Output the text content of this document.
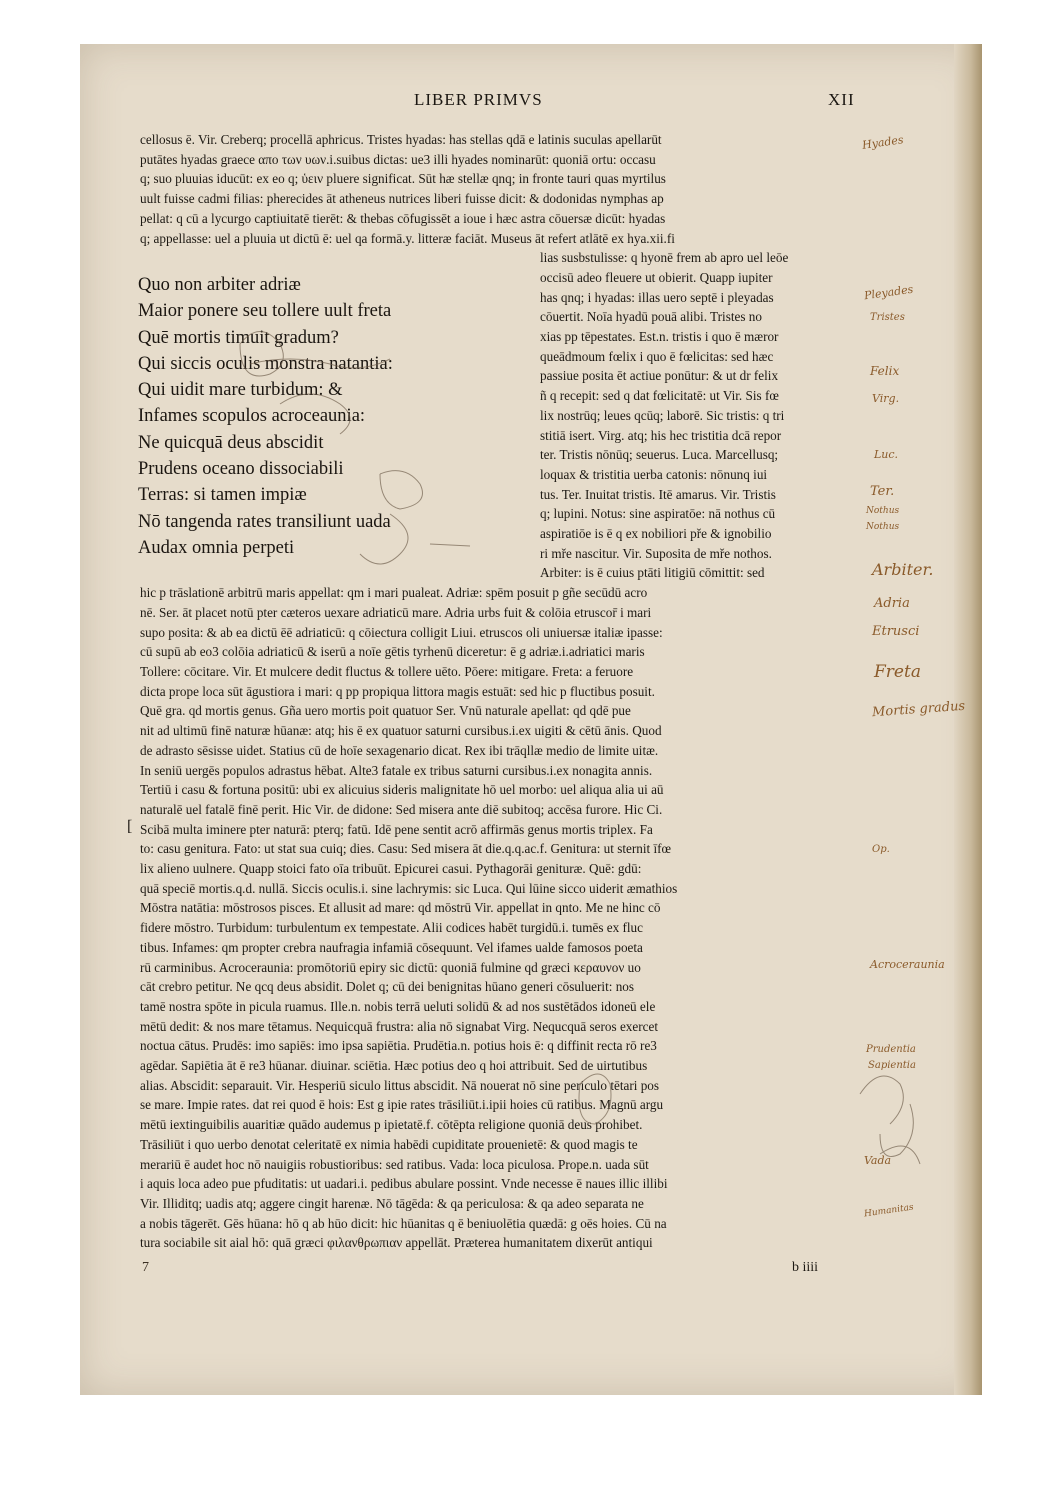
LIBER PRIMVS	XII
cellosus ē. Vir. Creberq; procellā aphricus. Tristes hyadas: has stellas qdā e latinis suculas apellarūt
putātes hyadas graece απο των υων.i.suibus dictas: ue3 illi hyades nominarūt: quoniā ortu: occasu
q; suo pluuias iducūt: ex eo q; ὑειν pluere significat. Sūt hæ stellæ qnq; in fronte tauri quas myrtilus
uult fuisse cadmi filias: pherecides āt atheneus nutrices liberi fuisse dicit: & dodonidas nymphas ap
pellat: q cū a lycurgo captiuitatē tierēt: & thebas cōfugissēt a ioue i hæc astra cōuersæ dicūt: hyadas
q; appellasse: uel a pluuia ut dictū ē: uel qa formā.y. litteræ faciāt. Museus āt refert atlātē ex hya.xii.fi
lias susbstulisse: q hyonē frem ab apro uel leōe
occisū adeo fleuere ut obierit. Quapp iupiter
has qnq; i hyadas: illas uero septē i pleyadas
cōuertit. Noīa hyadū pouā alibi. Tristes no
xias pp tēpestates. Est.n. tristis i quo ē mæror
queādmoum fœlix i quo ē fœlicitas: sed hæc
passiue posita ēt actiue ponūtur: & ut dr felix
ñ q recepit: sed q dat fœlicitatē: ut Vir. Sis fœ
lix nostrūq; leues qcūq; laborē. Sic tristis: q tri
stitiā isert. Virg. atq; his hec tristitia dcā repor
ter. Tristis nōnūq; seuerus. Luca. Marcellusq;
loquax & tristitia uerba catonis: nōnunq iui
tus. Ter. Inuitat tristis. Itē amarus. Vir. Tristis
q; lupini. Notus: sine aspiratōe: nā nothus cū
aspiratiōe is ē q ex nobiliori pře & ignobilio
ri mře nascitur. Vir. Suposita de mře nothos.
Arbiter: is ē cuius ptāti litigiū cōmittit: sed
hic p trāslationē arbitrū maris appellat: qm i mari pualeat. Adriæ: spēm posuit p gñe secūdū acro
nē. Ser. āt placet notū pter cæteros uexare adriaticū mare. Adria urbs fuit & colōia etruscor̄ i mari
supo posita: & ab ea dictū ēē adriaticū: q cōiectura colligit Liui. etruscos oli uniuersæ italiæ ipasse:
cū supū ab eo3 colōia adriaticū & iserū a noīe gētis tyrhenū diceretur: ē g adriæ.i.adriatici maris
Tollere: cōcitare. Vir. Et mulcere dedit fluctus & tollere uēto. Pōere: mitigare. Freta: a feruore
dicta prope loca sūt āgustiora i mari: q pp propiqua littora magis estuāt: sed hic p fluctibus posuit.
Quē gra. qd mortis genus. Gña uero mortis poit quatuor Ser. Vnū naturale apellat: qd qdē pue
nit ad ultimū finē naturæ hūanæ: atq; his ē ex quatuor saturni cursibus.i.ex uigiti & cētū ānis. Quod
de adrasto sēsisse uidet. Statius cū de hoīe sexagenario dicat. Rex ibi trāqllæ medio de limite uitæ.
In seniū uergēs populos adrastus hēbat. Alte3 fatale ex tribus saturni cursibus.i.ex nonagita annis.
Tertiū i casu & fortuna positū: ubi ex alicuius sideris malignitate hō uel morbo: uel aliqua alia ui aū
naturalē uel fatalē finē perit. Hic Vir. de didone: Sed misera ante diē subitoq; accēsa furore. Hic Ci.
Scibā multa iminere pter naturā: pterq; fatū. Idē pene sentit acrō affirmās genus mortis triplex. Fa
to: casu genitura. Fato: ut stat sua cuiq; dies. Casu: Sed misera āt die.q.q.ac.f. Genitura: ut sternit īfœ
lix alieno uulnere. Quapp stoici fato oīa tribuūt. Epicurei casui. Pythagorāi genituræ. Quē: gdū:
quā speciē mortis.q.d. nullā. Siccis oculis.i. sine lachrymis: sic Luca. Qui lūine sicco uiderit æmathios
Mōstra natātia: mōstrosos pisces. Et allusit ad mare: qd mōstrū Vir. appellat in qnto. Me ne hinc cō
fidere mōstro. Turbidum: turbulentum ex tempestate. Alii codices habēt turgidū.i. tumēs ex fluc
tibus. Infames: qm propter crebra naufragia infamiā cōsequunt. Vel ifames ualde famosos poeta
rū carminibus. Acroceraunia: promōtoriū epiry sic dictū: quoniā fulmine qd græci κεραυνον uo
cāt crebro petitur. Ne qcq deus absidit. Dolet q; cū dei benignitas hūano generi cōsuluerit: nos
tamē nostra spōte in picula ruamus. Ille.n. nobis terrā ueluti solidū & ad nos sustētādos idoneū ele
mētū dedit: & nos mare tētamus. Nequicquā frustra: alia nō signabat Virg. Nequcquā seros exercet
noctua cātus. Prudēs: imo sapiēs: imo ipsa sapiētia. Prudētia.n. potius hois ē: q diffinit recta rō re3
agēdar. Sapiētia āt ē re3 hūanar. diuinar. sciētia. Hæc potius deo q hoi attribuit. Sed de uirtutibus
alias. Abscidit: separauit. Vir. Hesperiū siculo littus abscidit. Nā nouerat nō sine periculo tētari pos
se mare. Impie rates. dat rei quod ē hois: Est g ipie rates trāsiliūt.i.ipii hoies cū ratibus. Magnū argu
mētū iextinguibilis auaritiæ quādo audemus p ipietatē.f. cōtēpta religione quoniā deus prohibet.
Trāsiliūt i quo uerbo denotat celeritatē ex nimia habēdi cupiditate prouenietē: & quod magis te
merariū ē audet hoc nō nauigiis robustioribus: sed ratibus. Vada: loca piculosa. Prope.n. uada sūt
i aquis loca adeo pue pfuditatis: ut uadari.i. pedibus abulare possint. Vnde necesse ē naues illic illibi
Vir. Illiditq; uadis atq; aggere cingit harenæ. Nō tāgēda: & qa periculosa: & qa adeo separata ne
a nobis tāgerēt. Gēs hūana: hō q ab hūo dicit: hic hūanitas q ē beniuolētia quædā: g oēs hoies. Cū na
tura sociabile sit aial hō: quā græci φιλανθρωπιαν appellāt. Præterea humanitatem dixerūt antiqui
Quo non arbiter adriæ
Maior ponere seu tollere uult freta
Quē mortis timuit gradum?
Qui siccis oculis monstra natantia:
Qui uidit mare turbidum: &
Infames scopulos acroceaunia:
Ne quicquā deus abscidit
Prudens oceano dissociabili
Terras: si tamen impiæ
Nō tangenda rates transiliunt uada
Audax omnia perpeti
[
Hyades
Pleyades
Tristes
Felix
Virg.
Luc.
Ter.
Nothus
Nothus
Arbiter.
Adria
Etrusci
Freta
Mortis gradus
Op.
Acroceraunia
Prudentia
Sapientia
Vada
Humanitas
7	b iiii
